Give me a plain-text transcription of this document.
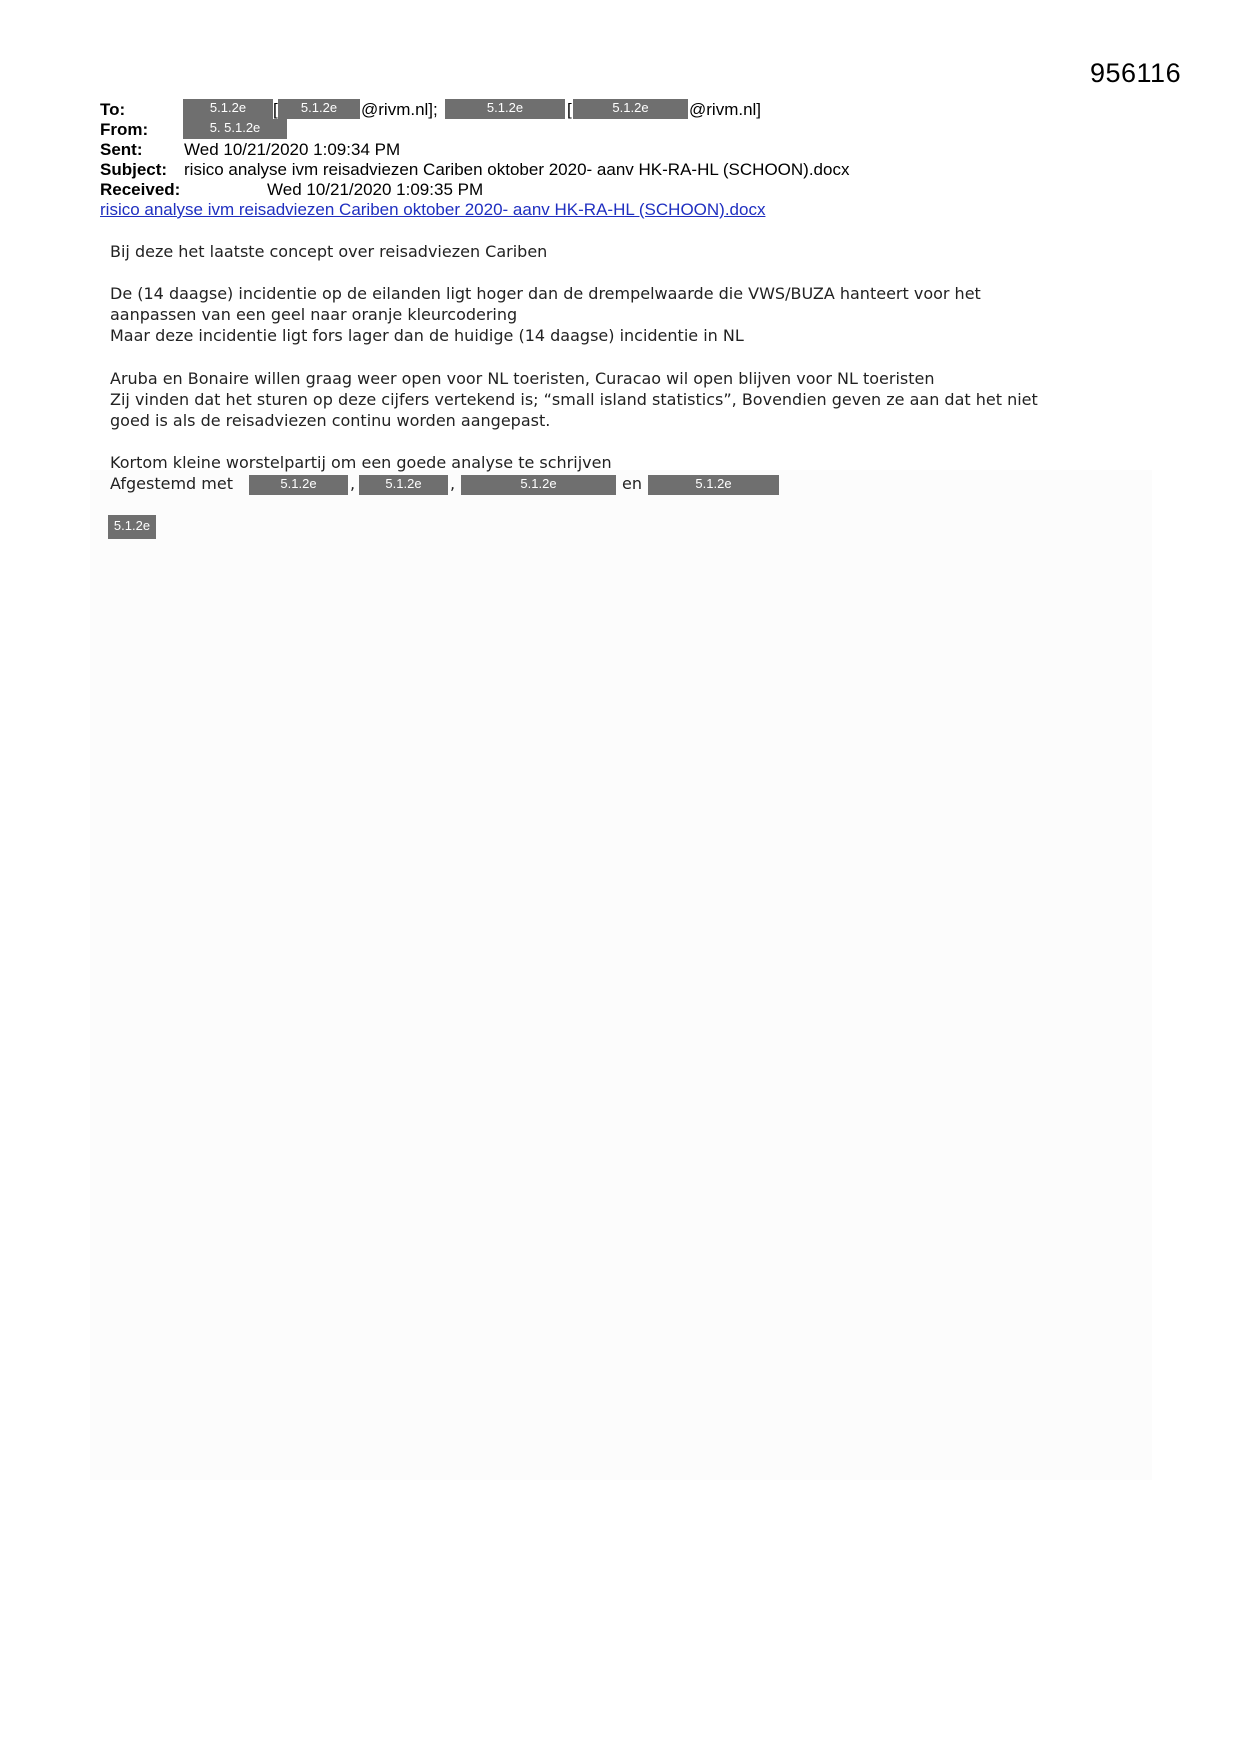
956116
To:	5.1.2e	[	5.1.2e	@rivm.nl];	5.1.2e	[	5.1.2e	@rivm.nl]
From:	5. 5.1.2e
Sent: Wed 10/21/2020 1:09:34 PM
Subject: risico analyse ivm reisadviezen Cariben oktober 2020- aanv HK-RA-HL (SCHOON).docx
Received:	Wed 10/21/2020 1:09:35 PM
risico analyse ivm reisadviezen Cariben oktober 2020- aanv HK-RA-HL (SCHOON).docx
Bij deze het laatste concept over reisadviezen Cariben
De (14 daagse) incidentie op de eilanden ligt hoger dan de drempelwaarde die VWS/BUZA hanteert voor het
aanpassen van een geel naar oranje kleurcodering
Maar deze incidentie ligt fors lager dan de huidige (14 daagse) incidentie in NL
Aruba en Bonaire willen graag weer open voor NL toeristen, Curacao wil open blijven voor NL toeristen
Zij vinden dat het sturen op deze cijfers vertekend is; “small island statistics”, Bovendien geven ze aan dat het niet
goed is als de reisadviezen continu worden aangepast.
Kortom kleine worstelpartij om een goede analyse te schrijven
Afgestemd met	5.1.2e	,	5.1.2e	,	5.1.2e	en	5.1.2e
5.1.2e
